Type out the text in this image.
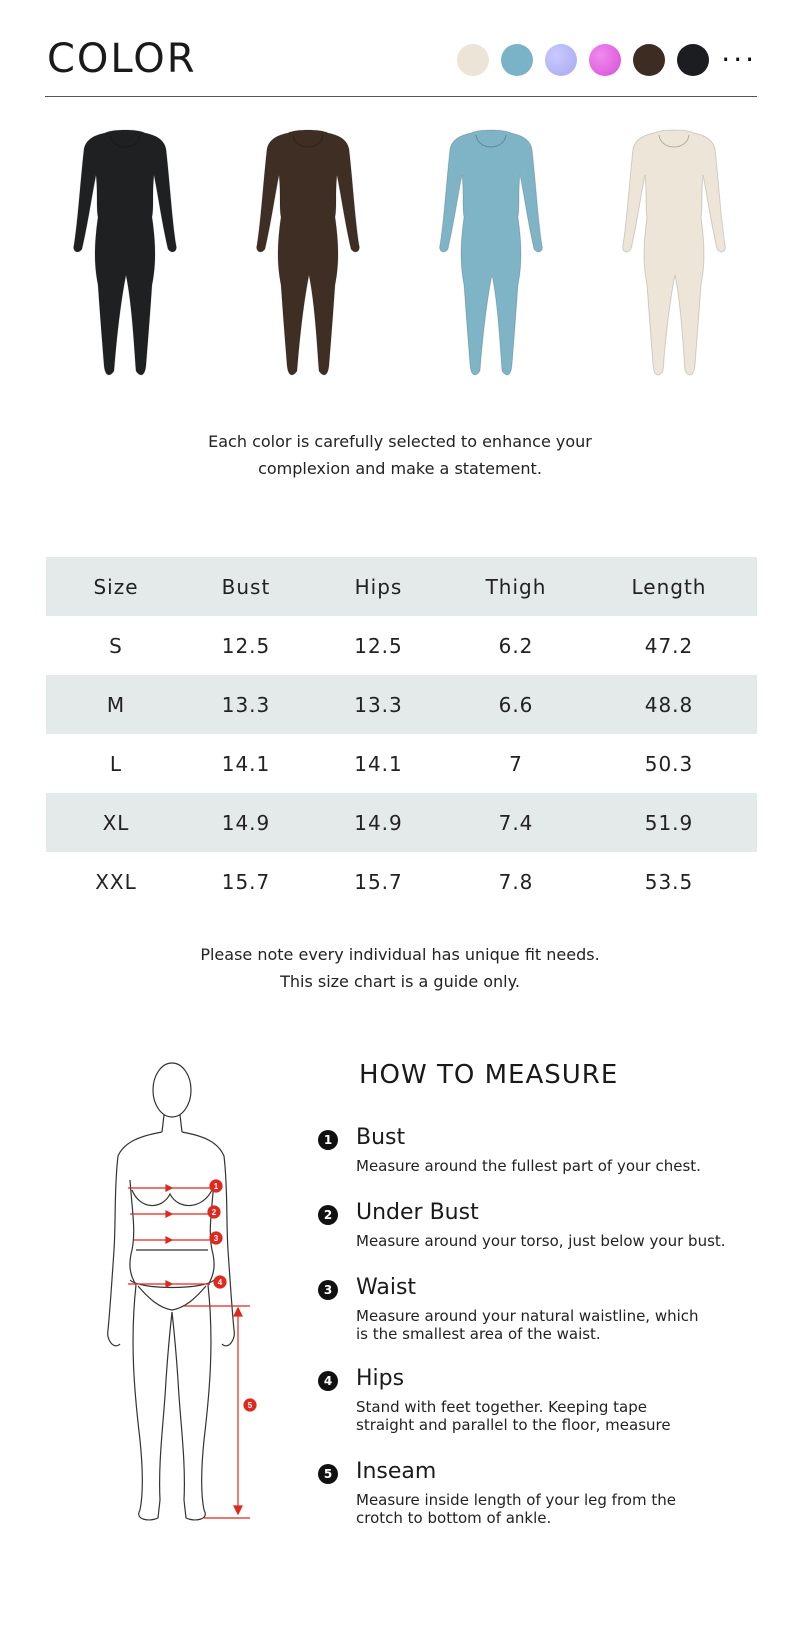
COLOR	···
Each color is carefully selected to enhance your
complexion and make a statement.
Size	Bust	Hips	Thigh	Length
S	12.5	12.5	6.2	47.2
M	13.3	13.3	6.6	48.8
L	14.1	14.1	7	50.3
XL	14.9	14.9	7.4	51.9
XXL	15.7	15.7	7.8	53.5
Please note every individual has unique fit needs.
This size chart is a guide only.
1
2
3
4
5
HOW TO MEASURE
1 Bust
Measure around the fullest part of your chest.
2 Under Bust
Measure around your torso, just below your bust.
3 Waist
Measure around your natural waistline, which
is the smallest area of the waist.
4 Hips
Stand with feet together. Keeping tape
straight and parallel to the floor, measure
5 Inseam
Measure inside length of your leg from the
crotch to bottom of ankle.
